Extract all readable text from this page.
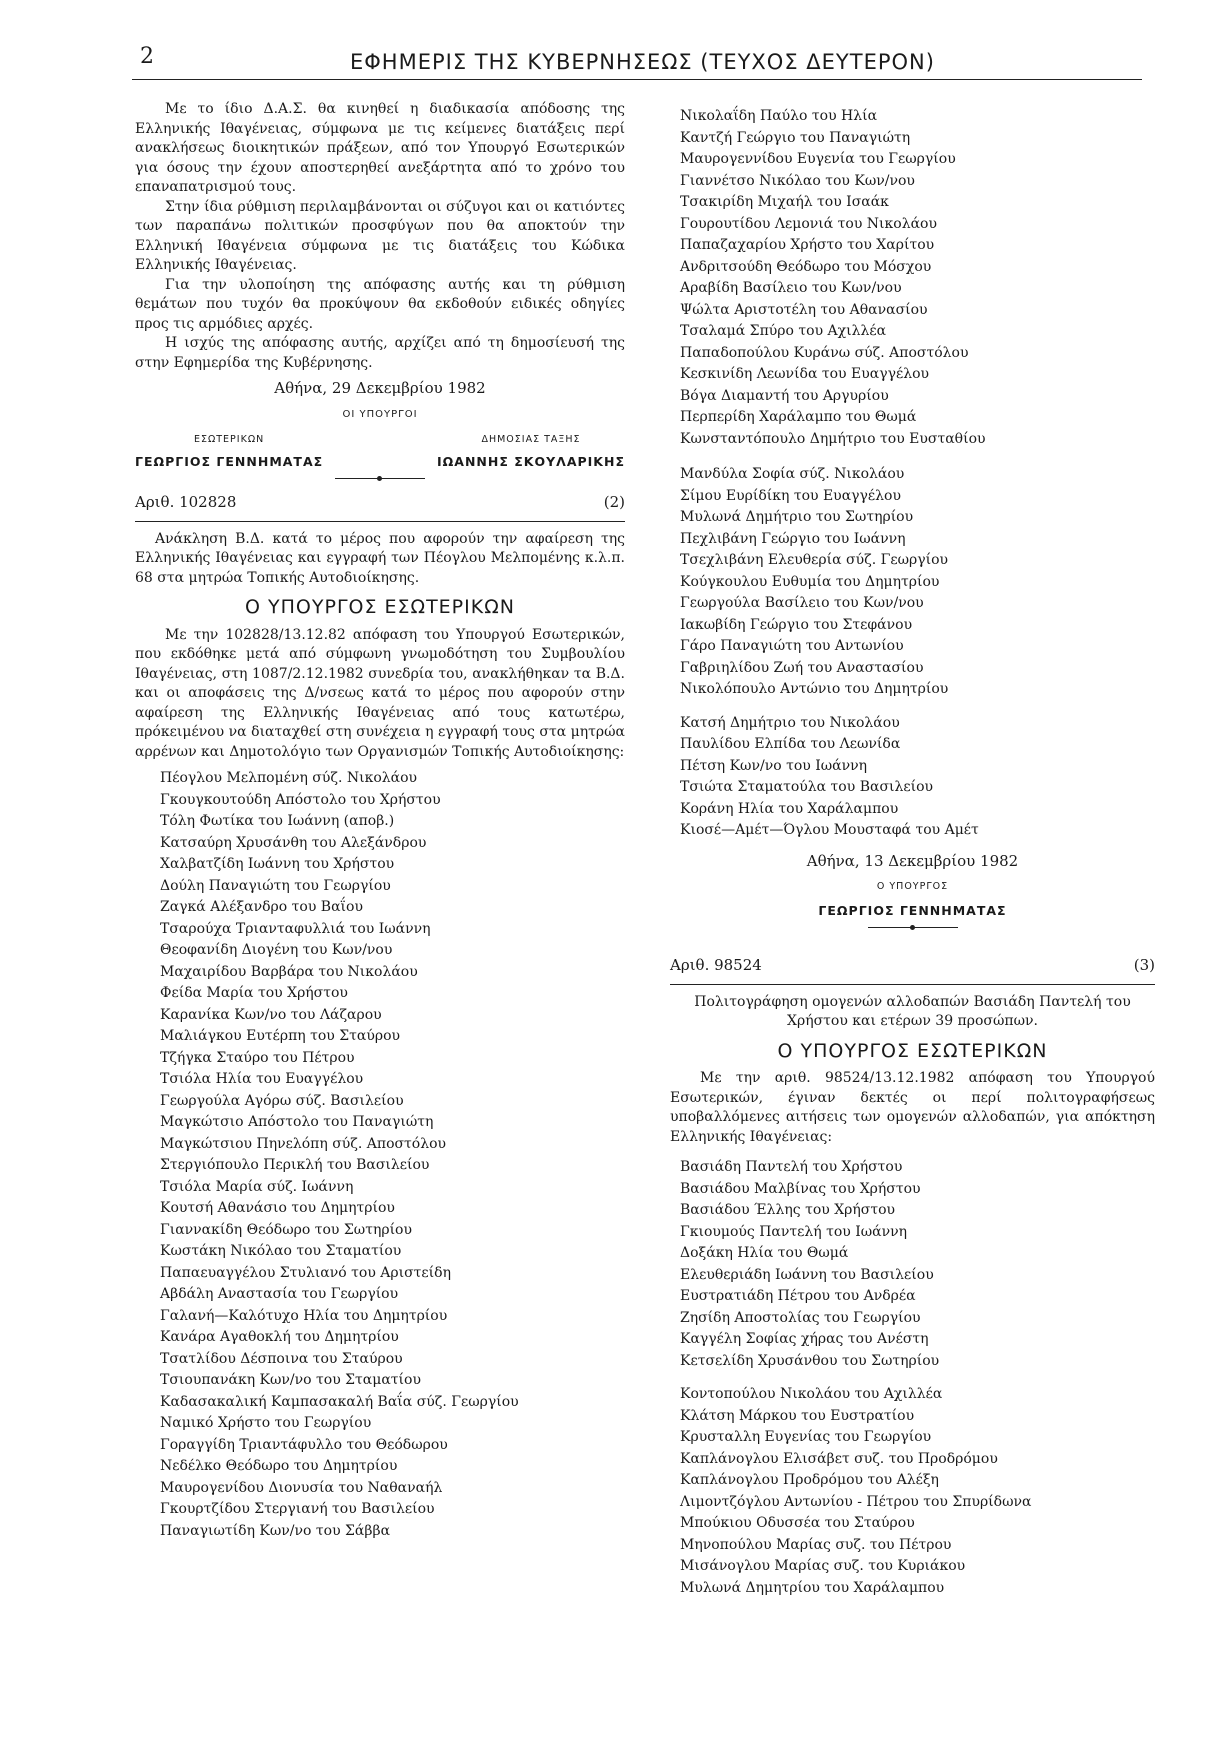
2	ΕΦΗΜΕΡΙΣ ΤΗΣ ΚΥΒΕΡΝΗΣΕΩΣ (ΤΕΥΧΟΣ ΔΕΥΤΕΡΟΝ)

Με το ίδιο Δ.Α.Σ. θα κινηθεί η διαδικασία απόδοσης της Ελληνικής Ιθαγένειας, σύμφωνα με τις κείμενες διατάξεις περί ανακλήσεως διοικητικών πράξεων, από τον Υπουργό Εσωτερικών για όσους την έχουν αποστερηθεί ανεξάρτητα από το χρόνο του επαναπατρισμού τους.

Στην ίδια ρύθμιση περιλαμβάνονται οι σύζυγοι και οι κατιόντες των παραπάνω πολιτικών προσφύγων που θα αποκτούν την Ελληνική Ιθαγένεια σύμφωνα με τις διατάξεις του Κώδικα Ελληνικής Ιθαγένειας.

Για την υλοποίηση της απόφασης αυτής και τη ρύθμιση θεμάτων που τυχόν θα προκύψουν θα εκδοθούν ειδικές οδηγίες προς τις αρμόδιες αρχές.

Η ισχύς της απόφασης αυτής, αρχίζει από τη δημοσίευσή της στην Εφημερίδα της Κυβέρνησης.

Αθήνα, 29 Δεκεμβρίου 1982
ΟΙ ΥΠΟΥΡΓΟΙ
ΕΣΩΤΕΡΙΚΩΝ
ΓΕΩΡΓΙΟΣ ΓΕΝΝΗΜΑΤΑΣ
ΔΗΜΟΣΙΑΣ ΤΑΞΗΣ
ΙΩΑΝΝΗΣ ΣΚΟΥΛΑΡΙΚΗΣ
Αριθ. 102828	(2)

Ανάκληση Β.Δ. κατά το μέρος που αφορούν την αφαίρεση της Ελληνικής Ιθαγένειας και εγγραφή των Πέογλου Μελπομένης κ.λ.π. 68 στα μητρώα Τοπικής Αυτοδιοίκησης.

Ο ΥΠΟΥΡΓΟΣ ΕΣΩΤΕΡΙΚΩΝ

Με την 102828/13.12.82 απόφαση του Υπουργού Εσωτερικών, που εκδόθηκε μετά από σύμφωνη γνωμοδότηση του Συμβουλίου Ιθαγένειας, στη 1087/2.12.1982 συνεδρία του, ανακλήθηκαν τα Β.Δ. και οι αποφάσεις της Δ/νσεως κατά το μέρος που αφορούν στην αφαίρεση της Ελληνικής Ιθαγένειας από τους κατωτέρω, πρόκειμένου να διαταχθεί στη συνέχεια η εγγραφή τους στα μητρώα αρρένων και Δημοτολόγιο των Οργανισμών Τοπικής Αυτοδιοίκησης:

Πέογλου Μελπομένη σύζ. Νικολάου
Γκουγκουτούδη Απόστολο του Χρήστου
Τόλη Φωτίκα του Ιωάννη (αποβ.)
Κατσαύρη Χρυσάνθη του Αλεξάνδρου
Χαλβατζίδη Ιωάννη του Χρήστου
Δούλη Παναγιώτη του Γεωργίου
Ζαγκά Αλέξανδρο του Βαΐου
Τσαρούχα Τριανταφυλλιά του Ιωάννη
Θεοφανίδη Διογένη του Κων/νου
Μαχαιρίδου Βαρβάρα του Νικολάου
Φείδα Μαρία του Χρήστου
Καρανίκα Κων/νο του Λάζαρου
Μαλιάγκου Ευτέρπη του Σταύρου
Τζήγκα Σταύρο του Πέτρου
Τσιόλα Ηλία του Ευαγγέλου
Γεωργούλα Αγόρω σύζ. Βασιλείου
Μαγκώτσιο Απόστολο του Παναγιώτη
Μαγκώτσιου Πηνελόπη σύζ. Αποστόλου
Στεργιόπουλο Περικλή του Βασιλείου
Τσιόλα Μαρία σύζ. Ιωάννη
Κουτσή Αθανάσιο του Δημητρίου
Γιαννακίδη Θεόδωρο του Σωτηρίου
Κωστάκη Νικόλαο του Σταματίου
Παπαευαγγέλου Στυλιανό του Αριστείδη
Αβδάλη Αναστασία του Γεωργίου
Γαλανή—Καλότυχο Ηλία του Δημητρίου
Κανάρα Αγαθοκλή του Δημητρίου
Τσατλίδου Δέσποινα του Σταύρου
Τσιουπανάκη Κων/νο του Σταματίου
Καδασακαλική Καμπασακαλή Βαΐα σύζ. Γεωργίου
Ναμικό Χρήστο του Γεωργίου
Γοραγγίδη Τριαντάφυλλο του Θεόδωρου
Νεδέλκο Θεόδωρο του Δημητρίου
Μαυρογενίδου Διονυσία του Ναθαναήλ
Γκουρτζίδου Στεργιανή του Βασιλείου
Παναγιωτίδη Κων/νο του Σάββα
Νικολαΐδη Παύλο του Ηλία
Καντζή Γεώργιο του Παναγιώτη
Μαυρογεννίδου Ευγενία του Γεωργίου
Γιαννέτσο Νικόλαο του Κων/νου
Τσακιρίδη Μιχαήλ του Ισαάκ
Γουρουτίδου Λεμονιά του Νικολάου
Παπαζαχαρίου Χρήστο του Χαρίτου
Ανδριτσούδη Θεόδωρο του Μόσχου
Αραβίδη Βασίλειο του Κων/νου
Ψώλτα Αριστοτέλη του Αθανασίου
Τσαλαμά Σπύρο του Αχιλλέα
Παπαδοπούλου Κυράνω σύζ. Αποστόλου
Κεσκινίδη Λεωνίδα του Ευαγγέλου
Βόγα Διαμαντή του Αργυρίου
Περπερίδη Χαράλαμπο του Θωμά
Κωνσταντόπουλο Δημήτριο του Ευσταθίου
Μανδύλα Σοφία σύζ. Νικολάου
Σίμου Ευρίδίκη του Ευαγγέλου
Μυλωνά Δημήτριο του Σωτηρίου
Πεχλιβάνη Γεώργιο του Ιωάννη
Τσεχλιβάνη Ελευθερία σύζ. Γεωργίου
Κούγκουλου Ευθυμία του Δημητρίου
Γεωργούλα Βασίλειο του Κων/νου
Ιακωβίδη Γεώργιο του Στεφάνου
Γάρο Παναγιώτη του Αντωνίου
Γαβριηλίδου Ζωή του Αναστασίου
Νικολόπουλο Αντώνιο του Δημητρίου
Κατσή Δημήτριο του Νικολάου
Παυλίδου Ελπίδα του Λεωνίδα
Πέτση Κων/νο του Ιωάννη
Τσιώτα Σταματούλα του Βασιλείου
Κοράνη Ηλία του Χαράλαμπου
Κιοσέ—Αμέτ—Όγλου Μουσταφά του Αμέτ
Αθήνα, 13 Δεκεμβρίου 1982
Ο ΥΠΟΥΡΓΟΣ
ΓΕΩΡΓΙΟΣ ΓΕΝΝΗΜΑΤΑΣ
Αριθ. 98524	(3)

Πολιτογράφηση ομογενών αλλοδαπών Βασιάδη Παντελή του Χρήστου και ετέρων 39 προσώπων.

Ο ΥΠΟΥΡΓΟΣ ΕΣΩΤΕΡΙΚΩΝ

Με την αριθ. 98524/13.12.1982 απόφαση του Υπουργού Εσωτερικών, έγιναν δεκτές οι περί πολιτογραφήσεως υποβαλλόμενες αιτήσεις των ομογενών αλλοδαπών, για απόκτηση Ελληνικής Ιθαγένειας:

Βασιάδη Παντελή του Χρήστου
Βασιάδου Μαλβίνας του Χρήστου
Βασιάδου Έλλης του Χρήστου
Γκιουμούς Παντελή του Ιωάννη
Δοξάκη Ηλία του Θωμά
Ελευθεριάδη Ιωάννη του Βασιλείου
Ευστρατιάδη Πέτρου του Ανδρέα
Ζησίδη Αποστολίας του Γεωργίου
Καγγέλη Σοφίας χήρας του Ανέστη
Κετσελίδη Χρυσάνθου του Σωτηρίου
Κοντοπούλου Νικολάου του Αχιλλέα
Κλάτση Μάρκου του Ευστρατίου
Κρυσταλλη Ευγενίας του Γεωργίου
Καπλάνογλου Ελισάβετ συζ. του Προδρόμου
Καπλάνογλου Προδρόμου του Αλέξη
Λιμοντζόγλου Αντωνίου - Πέτρου του Σπυρίδωνα
Μπούκιου Οδυσσέα του Σταύρου
Μηνοπούλου Μαρίας συζ. του Πέτρου
Μισάνογλου Μαρίας συζ. του Κυριάκου
Μυλωνά Δημητρίου του Χαράλαμπου
